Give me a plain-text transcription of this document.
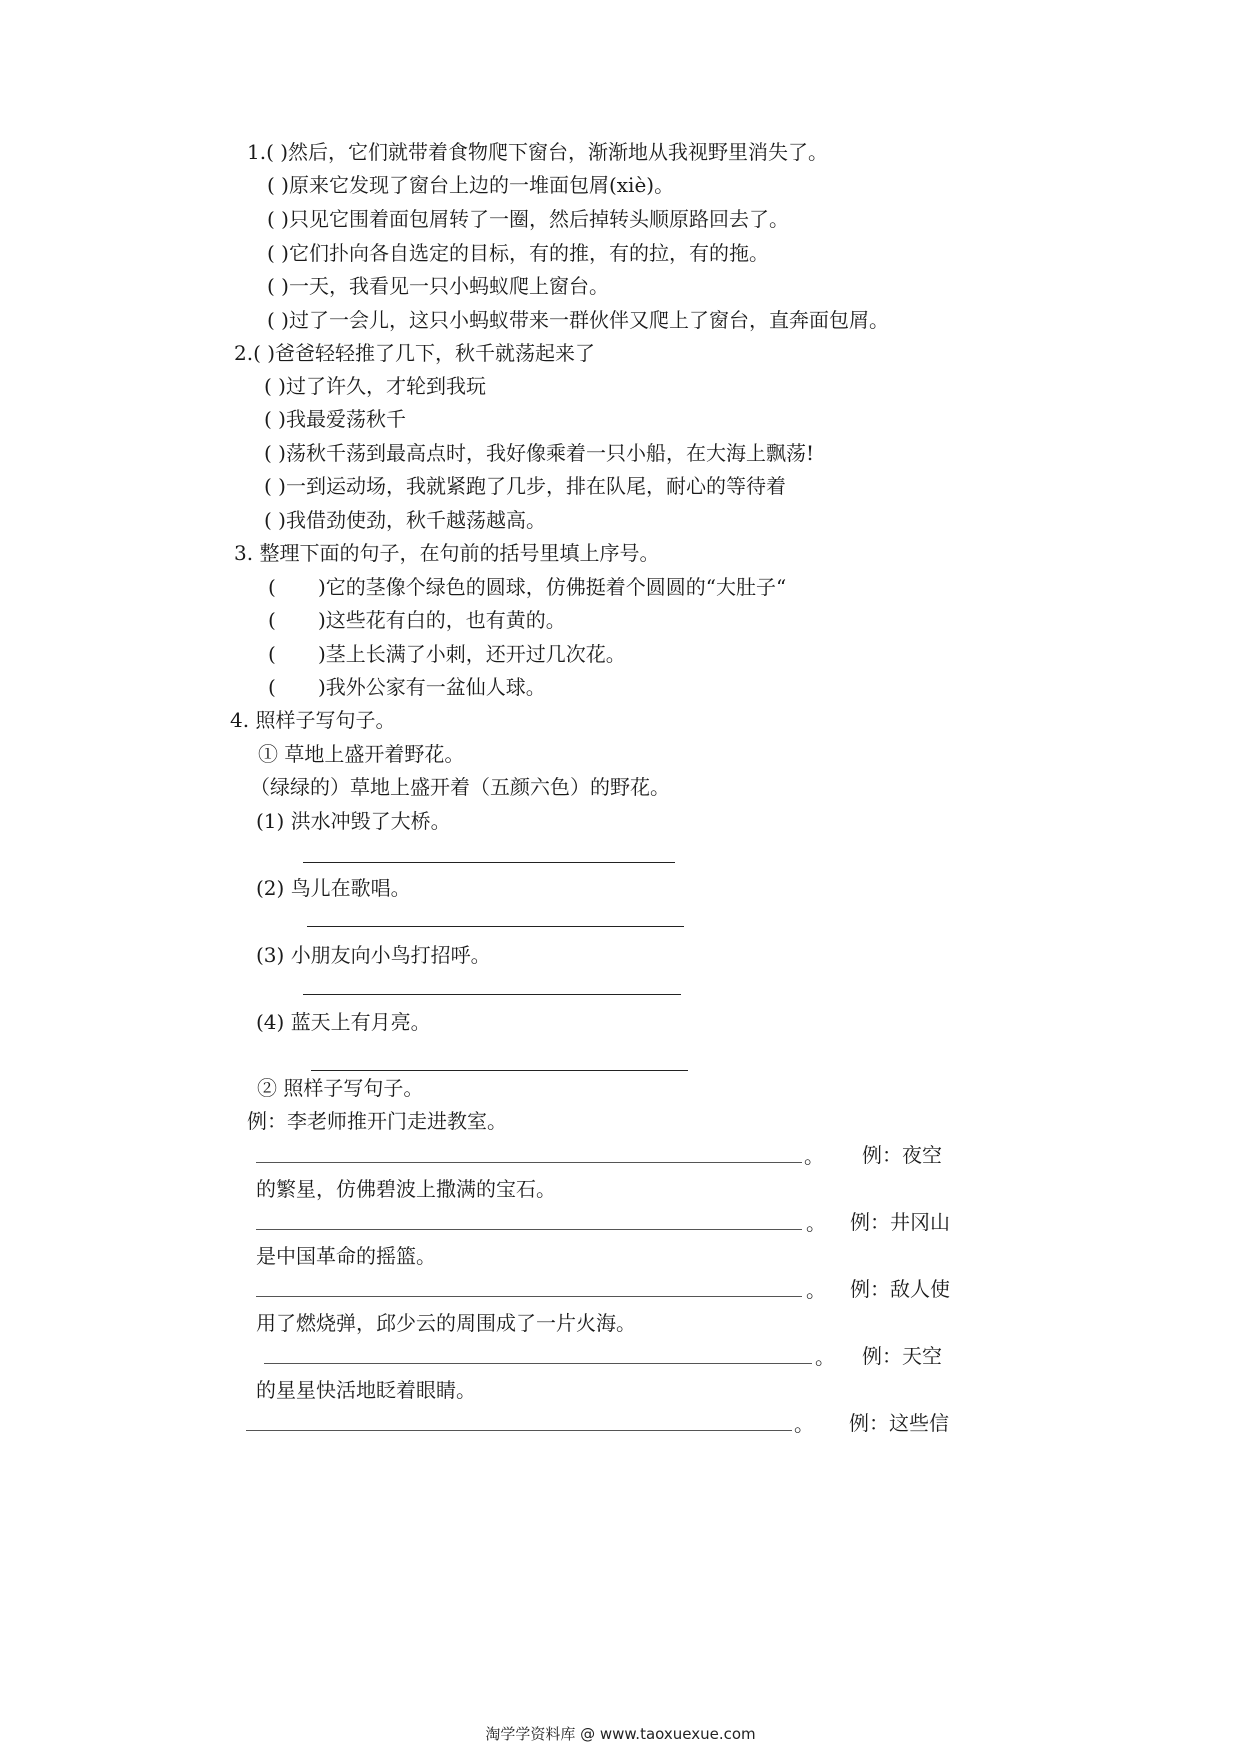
1.( )然后，它们就带着食物爬下窗台，渐渐地从我视野里消失了。
( )原来它发现了窗台上边的一堆面包屑(xiè)。
( )只见它围着面包屑转了一圈，然后掉转头顺原路回去了。
( )它们扑向各自选定的目标，有的推，有的拉，有的拖。
( )一天，我看见一只小蚂蚁爬上窗台。
( )过了一会儿，这只小蚂蚁带来一群伙伴又爬上了窗台，直奔面包屑。
2.( )爸爸轻轻推了几下，秋千就荡起来了
( )过了许久，才轮到我玩
( )我最爱荡秋千
( )荡秋千荡到最高点时，我好像乘着一只小船，在大海上飘荡!
( )一到运动场，我就紧跑了几步，排在队尾，耐心的等待着
( )我借劲使劲，秋千越荡越高。
3. 整理下面的句子，在句前的括号里填上序号。
( )它的茎像个绿色的圆球，仿佛挺着个圆圆的“大肚子“
( )这些花有白的，也有黄的。
( )茎上长满了小刺，还开过几次花。
( )我外公家有一盆仙人球。
4. 照样子写句子。
① 草地上盛开着野花。
（绿绿的）草地上盛开着（五颜六色）的野花。
(1) 洪水冲毁了大桥。
(2) 鸟儿在歌唱。
(3) 小朋友向小鸟打招呼。
(4) 蓝天上有月亮。
② 照样子写句子。
例：李老师推开门走进教室。
。 例：夜空
的繁星，仿佛碧波上撒满的宝石。
。 例：井冈山
是中国革命的摇篮。
。 例：敌人使
用了燃烧弹，邱少云的周围成了一片火海。
。 例：天空
的星星快活地眨着眼睛。
。 例：这些信
淘学学资料库 @ www.taoxuexue.com
